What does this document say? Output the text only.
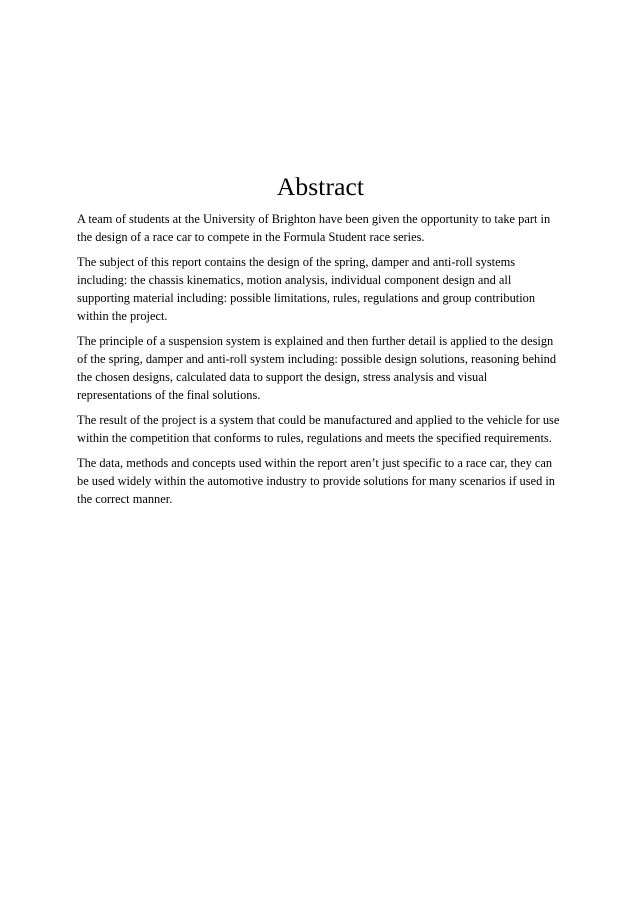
Abstract

A team of students at the University of Brighton have been given the opportunity to take part in the design of a race car to compete in the Formula Student race series.

The subject of this report contains the design of the spring, damper and anti-roll systems including: the chassis kinematics, motion analysis, individual component design and all supporting material including: possible limitations, rules, regulations and group contribution within the project.

The principle of a suspension system is explained and then further detail is applied to the design of the spring, damper and anti-roll system including: possible design solutions, reasoning behind the chosen designs, calculated data to support the design, stress analysis and visual representations of the final solutions.

The result of the project is a system that could be manufactured and applied to the vehicle for use within the competition that conforms to rules, regulations and meets the specified requirements.

The data, methods and concepts used within the report aren’t just specific to a race car, they can be used widely within the automotive industry to provide solutions for many scenarios if used in the correct manner.
